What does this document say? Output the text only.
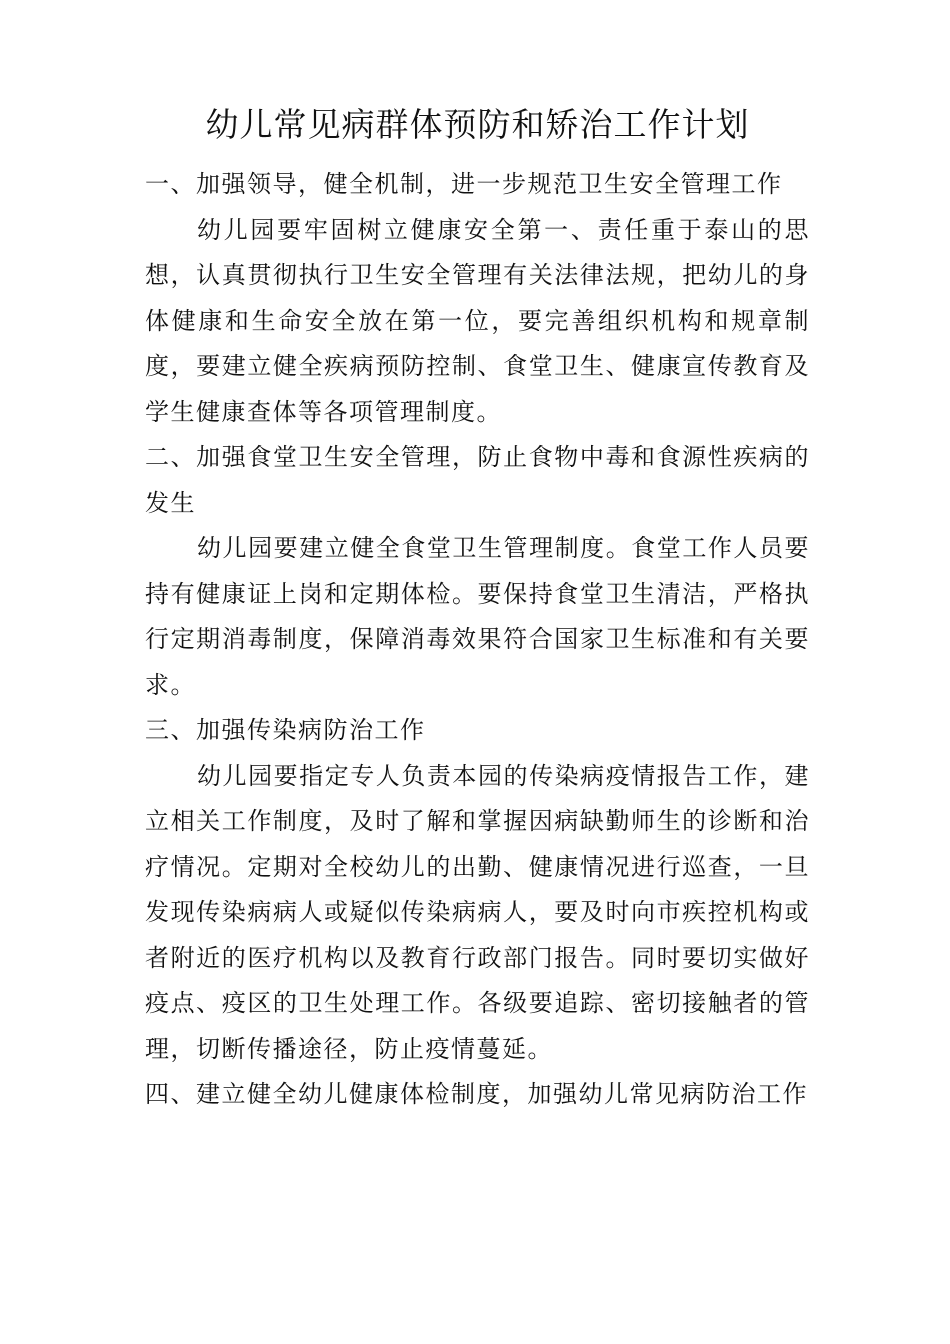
幼儿常见病群体预防和矫治工作计划

一、加强领导，健全机制，进一步规范卫生安全管理工作

幼儿园要牢固树立健康安全第一、责任重于泰山的思想，认真贯彻执行卫生安全管理有关法律法规，把幼儿的身体健康和生命安全放在第一位，要完善组织机构和规章制度，要建立健全疾病预防控制、食堂卫生、健康宣传教育及学生健康查体等各项管理制度。

二、加强食堂卫生安全管理，防止食物中毒和食源性疾病的发生

幼儿园要建立健全食堂卫生管理制度。食堂工作人员要持有健康证上岗和定期体检。要保持食堂卫生清洁，严格执行定期消毒制度，保障消毒效果符合国家卫生标准和有关要求。

三、加强传染病防治工作

幼儿园要指定专人负责本园的传染病疫情报告工作，建立相关工作制度，及时了解和掌握因病缺勤师生的诊断和治疗情况。定期对全校幼儿的出勤、健康情况进行巡查，一旦发现传染病病人或疑似传染病病人，要及时向市疾控机构或者附近的医疗机构以及教育行政部门报告。同时要切实做好疫点、疫区的卫生处理工作。各级要追踪、密切接触者的管理，切断传播途径，防止疫情蔓延。

四、建立健全幼儿健康体检制度，加强幼儿常见病防治工作
